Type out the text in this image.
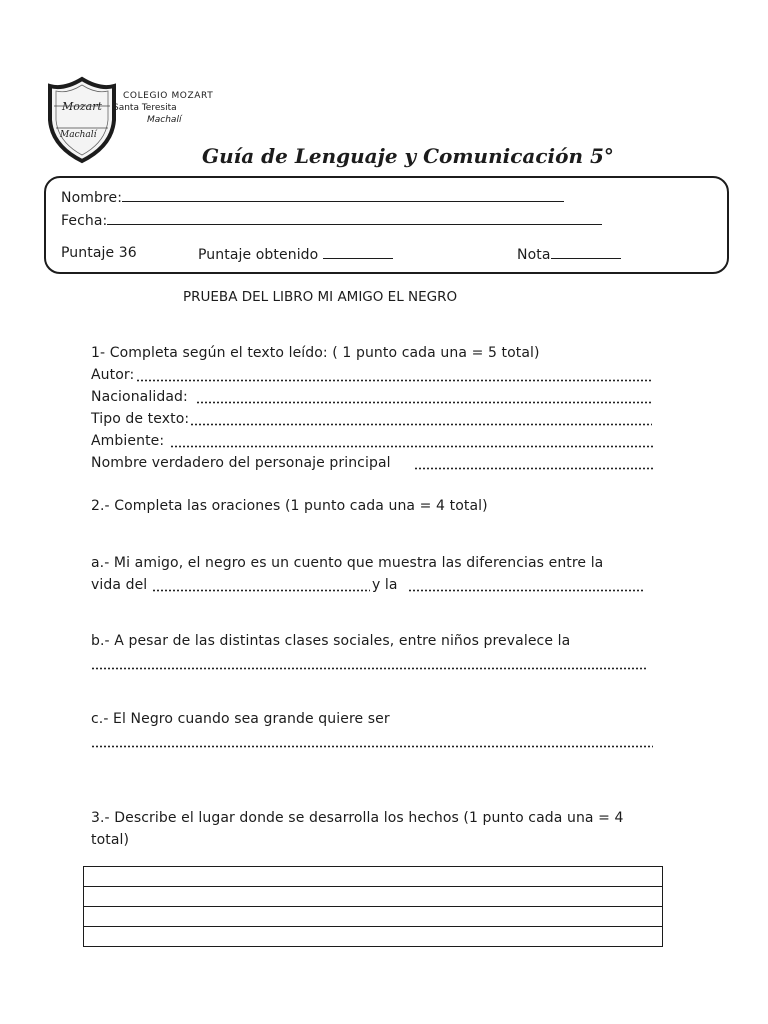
Mozart
Machalí
COLEGIO MOZART
Santa Teresita
Machalí
Guía de Lenguaje y Comunicación 5°
Nombre:
Fecha:
Puntaje 36	Puntaje obtenido	Nota
PRUEBA DEL LIBRO MI AMIGO EL NEGRO
1- Completa según el texto leído: ( 1 punto cada una = 5 total)
Autor:
Nacionalidad:
Tipo de texto:
Ambiente:
Nombre verdadero del personaje principal
2.- Completa las oraciones (1 punto cada una = 4 total)
a.- Mi amigo, el negro es un cuento que muestra las diferencias entre la
vida del	y la
b.- A pesar de las distintas clases sociales, entre niños prevalece la
c.- El Negro cuando sea grande quiere ser
3.- Describe el lugar donde se desarrolla los hechos (1 punto cada una = 4
total)
